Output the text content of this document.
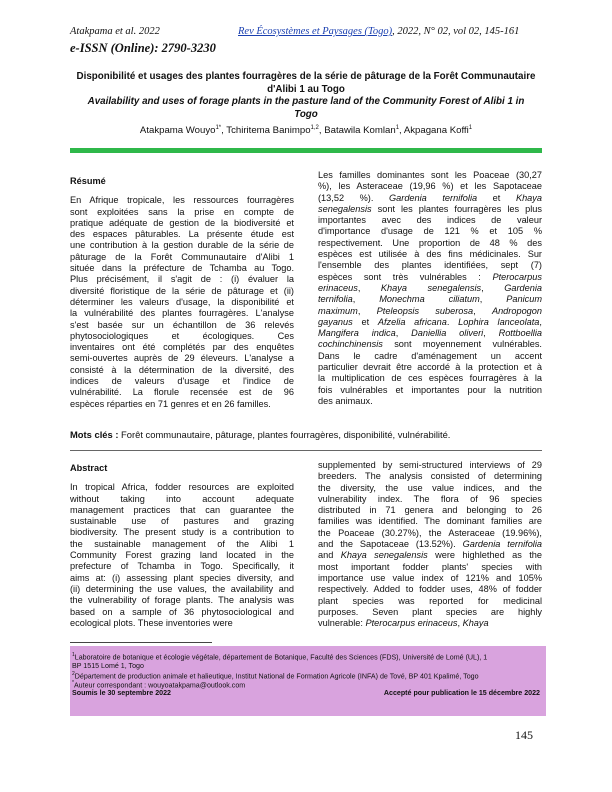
Atakpama et al. 2022	Rev Écosystèmes et Paysages (Togo), 2022, N° 02, vol 02, 145-161
e-ISSN (Online): 2790-3230
Disponibilité et usages des plantes fourragères de la série de pâturage de la Forêt Communautaire
d'Alibi 1 au Togo
Availability and uses of forage plants in the pasture land of the Community Forest of Alibi 1 in
Togo
Atakpama Wouyo$^{1*}$, Tchiritema Banimpo$^{1,2}$, Batawila Komlan$^1$, Akpagana Koffi$^1$
Résumé
En Afrique tropicale, les ressources fourragères
sont exploitées sans la prise en compte de
pratique adéquate de gestion de la biodiversité et
des espaces pâturables. La présente étude est
une contribution à la gestion durable de la série de
pâturage de la Forêt Communautaire d'Alibi 1
située dans la préfecture de Tchamba au Togo.
Plus précisément, il s'agit de : (i) évaluer la
diversité floristique de la série de pâturage et (ii)
déterminer les valeurs d'usage, la disponibilité et
la vulnérabilité des plantes fourragères. L'analyse
s'est basée sur un échantillon de 36 relevés
phytosociologiques et écologiques. Ces
inventaires ont été complétés par des enquêtes
semi-ouvertes auprès de 29 éleveurs. L'analyse a
consisté à la détermination de la diversité, des
indices de valeurs d'usage et l'indice de
vulnérabilité. La florule recensée est de 96
espèces réparties en 71 genres et en 26 familles.
Les familles dominantes sont les Poaceae (30,27
%), les Asteraceae (19,96 %) et les Sapotaceae
(13,52 %). Gardenia ternifolia et Khaya
senegalensis sont les plantes fourragères les plus
importantes avec des indices de valeur
d'importance d'usage de 121 % et 105 %
respectivement. Une proportion de 48 % des
espèces est utilisée à des fins médicinales. Sur
l'ensemble des plantes identifiées, sept (7)
espèces sont très vulnérables : Pterocarpus
erinaceus, Khaya senegalensis, Gardenia
ternifolia, Monechma ciliatum, Panicum
maximum, Pteleopsis suberosa, Andropogon
gayanus et Afzelia africana. Lophira lanceolata,
Mangifera indica, Daniellia oliveri, Rottboellia
cochinchinensis sont moyennement vulnérables.
Dans le cadre d'aménagement un accent
particulier devrait être accordé à la protection et à
la multiplication de ces espèces fourragères à la
fois vulnérables et importantes pour la nutrition
des animaux.
Mots clés : Forêt communautaire, pâturage, plantes fourragères, disponibilité, vulnérabilité.
Abstract
In tropical Africa, fodder resources are exploited
without taking into account adequate
management practices that can guarantee the
sustainable use of pastures and grazing
biodiversity. The present study is a contribution to
the sustainable management of the Alibi 1
Community Forest grazing land located in the
prefecture of Tchamba in Togo. Specifically, it
aims at: (i) assessing plant species diversity, and
(ii) determining the use values, the availability and
the vulnerability of forage plants. The analysis was
based on a sample of 36 phytosociological and
ecological plots. These inventories were
supplemented by semi-structured interviews of 29
breeders. The analysis consisted of determining
the diversity, the use value indices, and the
vulnerability index. The flora of 96 species
distributed in 71 genera and belonging to 26
families was identified. The dominant families are
the Poaceae (30.27%), the Asteraceae (19.96%),
and the Sapotaceae (13.52%). Gardenia ternifolia
and Khaya senegalensis were highlethed as the
most important fodder plants' species with
importance use value index of 121% and 105%
respectively. Added to fodder uses, 48% of fodder
plant species was reported for medicinal
purposes. Seven plant species are highly
vulnerable: Pterocarpus erinaceus, Khaya
$^1$Laboratoire de botanique et écologie végétale, département de Botanique, Faculté des Sciences (FDS), Université de Lomé (UL), 1
BP 1515 Lomé 1, Togo
$^2$Département de production animale et halieutique, Institut National de Formation Agricole (INFA) de Tové, BP 401 Kpalimé, Togo
*Auteur correspondant : wouyoatakpama@outlook.com
Soumis le 30 septembre 2022	Accepté pour publication le 15 décembre 2022
145
